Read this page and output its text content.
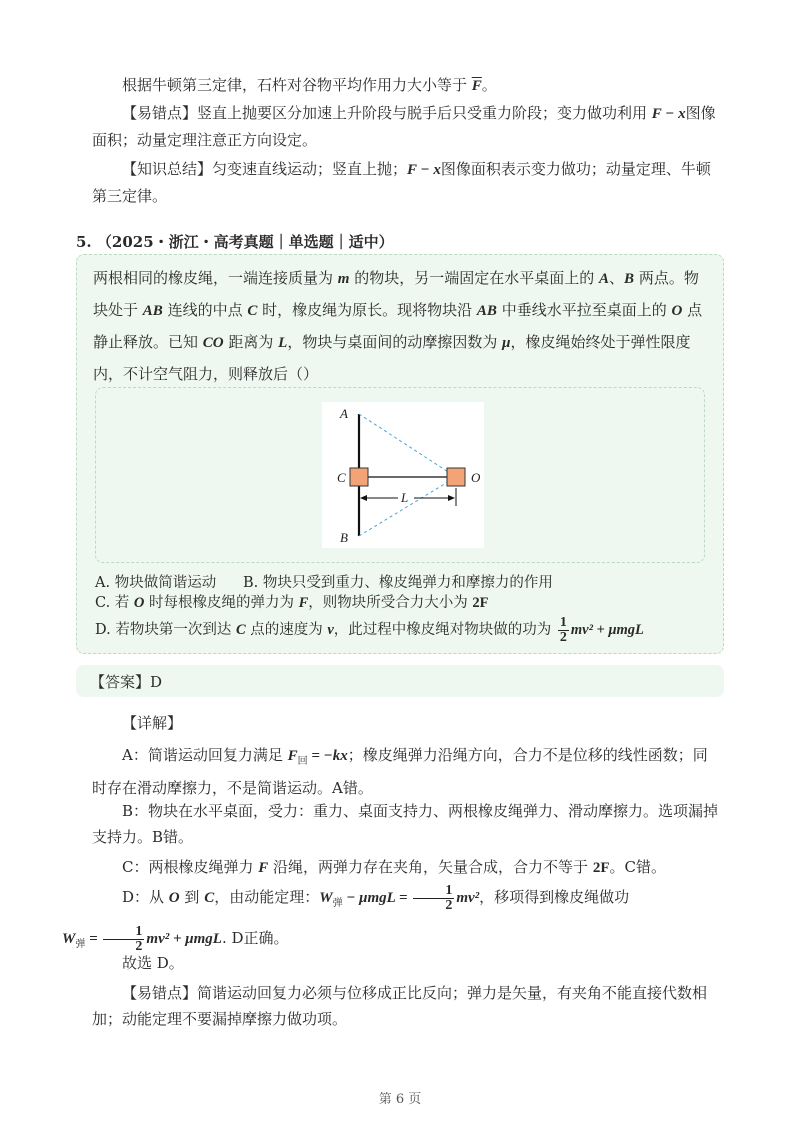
根据牛顿第三定律，石杵对谷物平均作用力大小等于 $\overline{F}$。

【易错点】竖直上抛要区分加速上升阶段与脱手后只受重力阶段；变力做功利用 F − x图像面积；动量定理注意正方向设定。

【知识总结】匀变速直线运动；竖直上抛；F − x图像面积表示变力做功；动量定理、牛顿第三定律。

5. （2025・浙江・高考真题｜单选题｜适中）
两根相同的橡皮绳，一端连接质量为 m 的物块，另一端固定在水平桌面上的 A、B 两点。物块处于 AB 连线的中点 C 时，橡皮绳为原长。现将物块沿 AB 中垂线水平拉至桌面上的 O 点静止释放。已知 CO 距离为 L，物块与桌面间的动摩擦因数为 μ，橡皮绳始终处于弹性限度内，不计空气阻力，则释放后（）
A
B
C	O
L
A. 物块做简谐运动 B. 物块只受到重力、橡皮绳弹力和摩擦力的作用
C. 若 O 时每根橡皮绳的弹力为 F，则物块所受合力大小为 2F
D. 若物块第一次到达 C 点的速度为 v，此过程中橡皮绳对物块做的功为 $\frac{1}{2} mv^2 + \mu mgL$
【答案】D

【详解】

A：简谐运动回复力满足 $F_回 = -kx$；橡皮绳弹力沿绳方向，合力不是位移的线性函数；同时存在滑动摩擦力，不是简谐运动。A错。

B：物块在水平桌面，受力：重力、桌面支持力、两根橡皮绳弹力、滑动摩擦力。选项漏掉支持力。B错。

C：两根橡皮绳弹力 F 沿绳，两弹力存在夹角，矢量合成，合力不等于 2F。C错。

D：从 O 到 C，由动能定理：$W_弹 - \mu mgL = \frac{1}{2} mv^2$，移项得到橡皮绳做功
$W_弹 = \frac{1}{2} mv^2 + \mu mgL$. D正确。

故选 D。

【易错点】简谐运动回复力必须与位移成正比反向；弹力是矢量，有夹角不能直接代数相加；动能定理不要漏掉摩擦力做功项。

第 6 页
